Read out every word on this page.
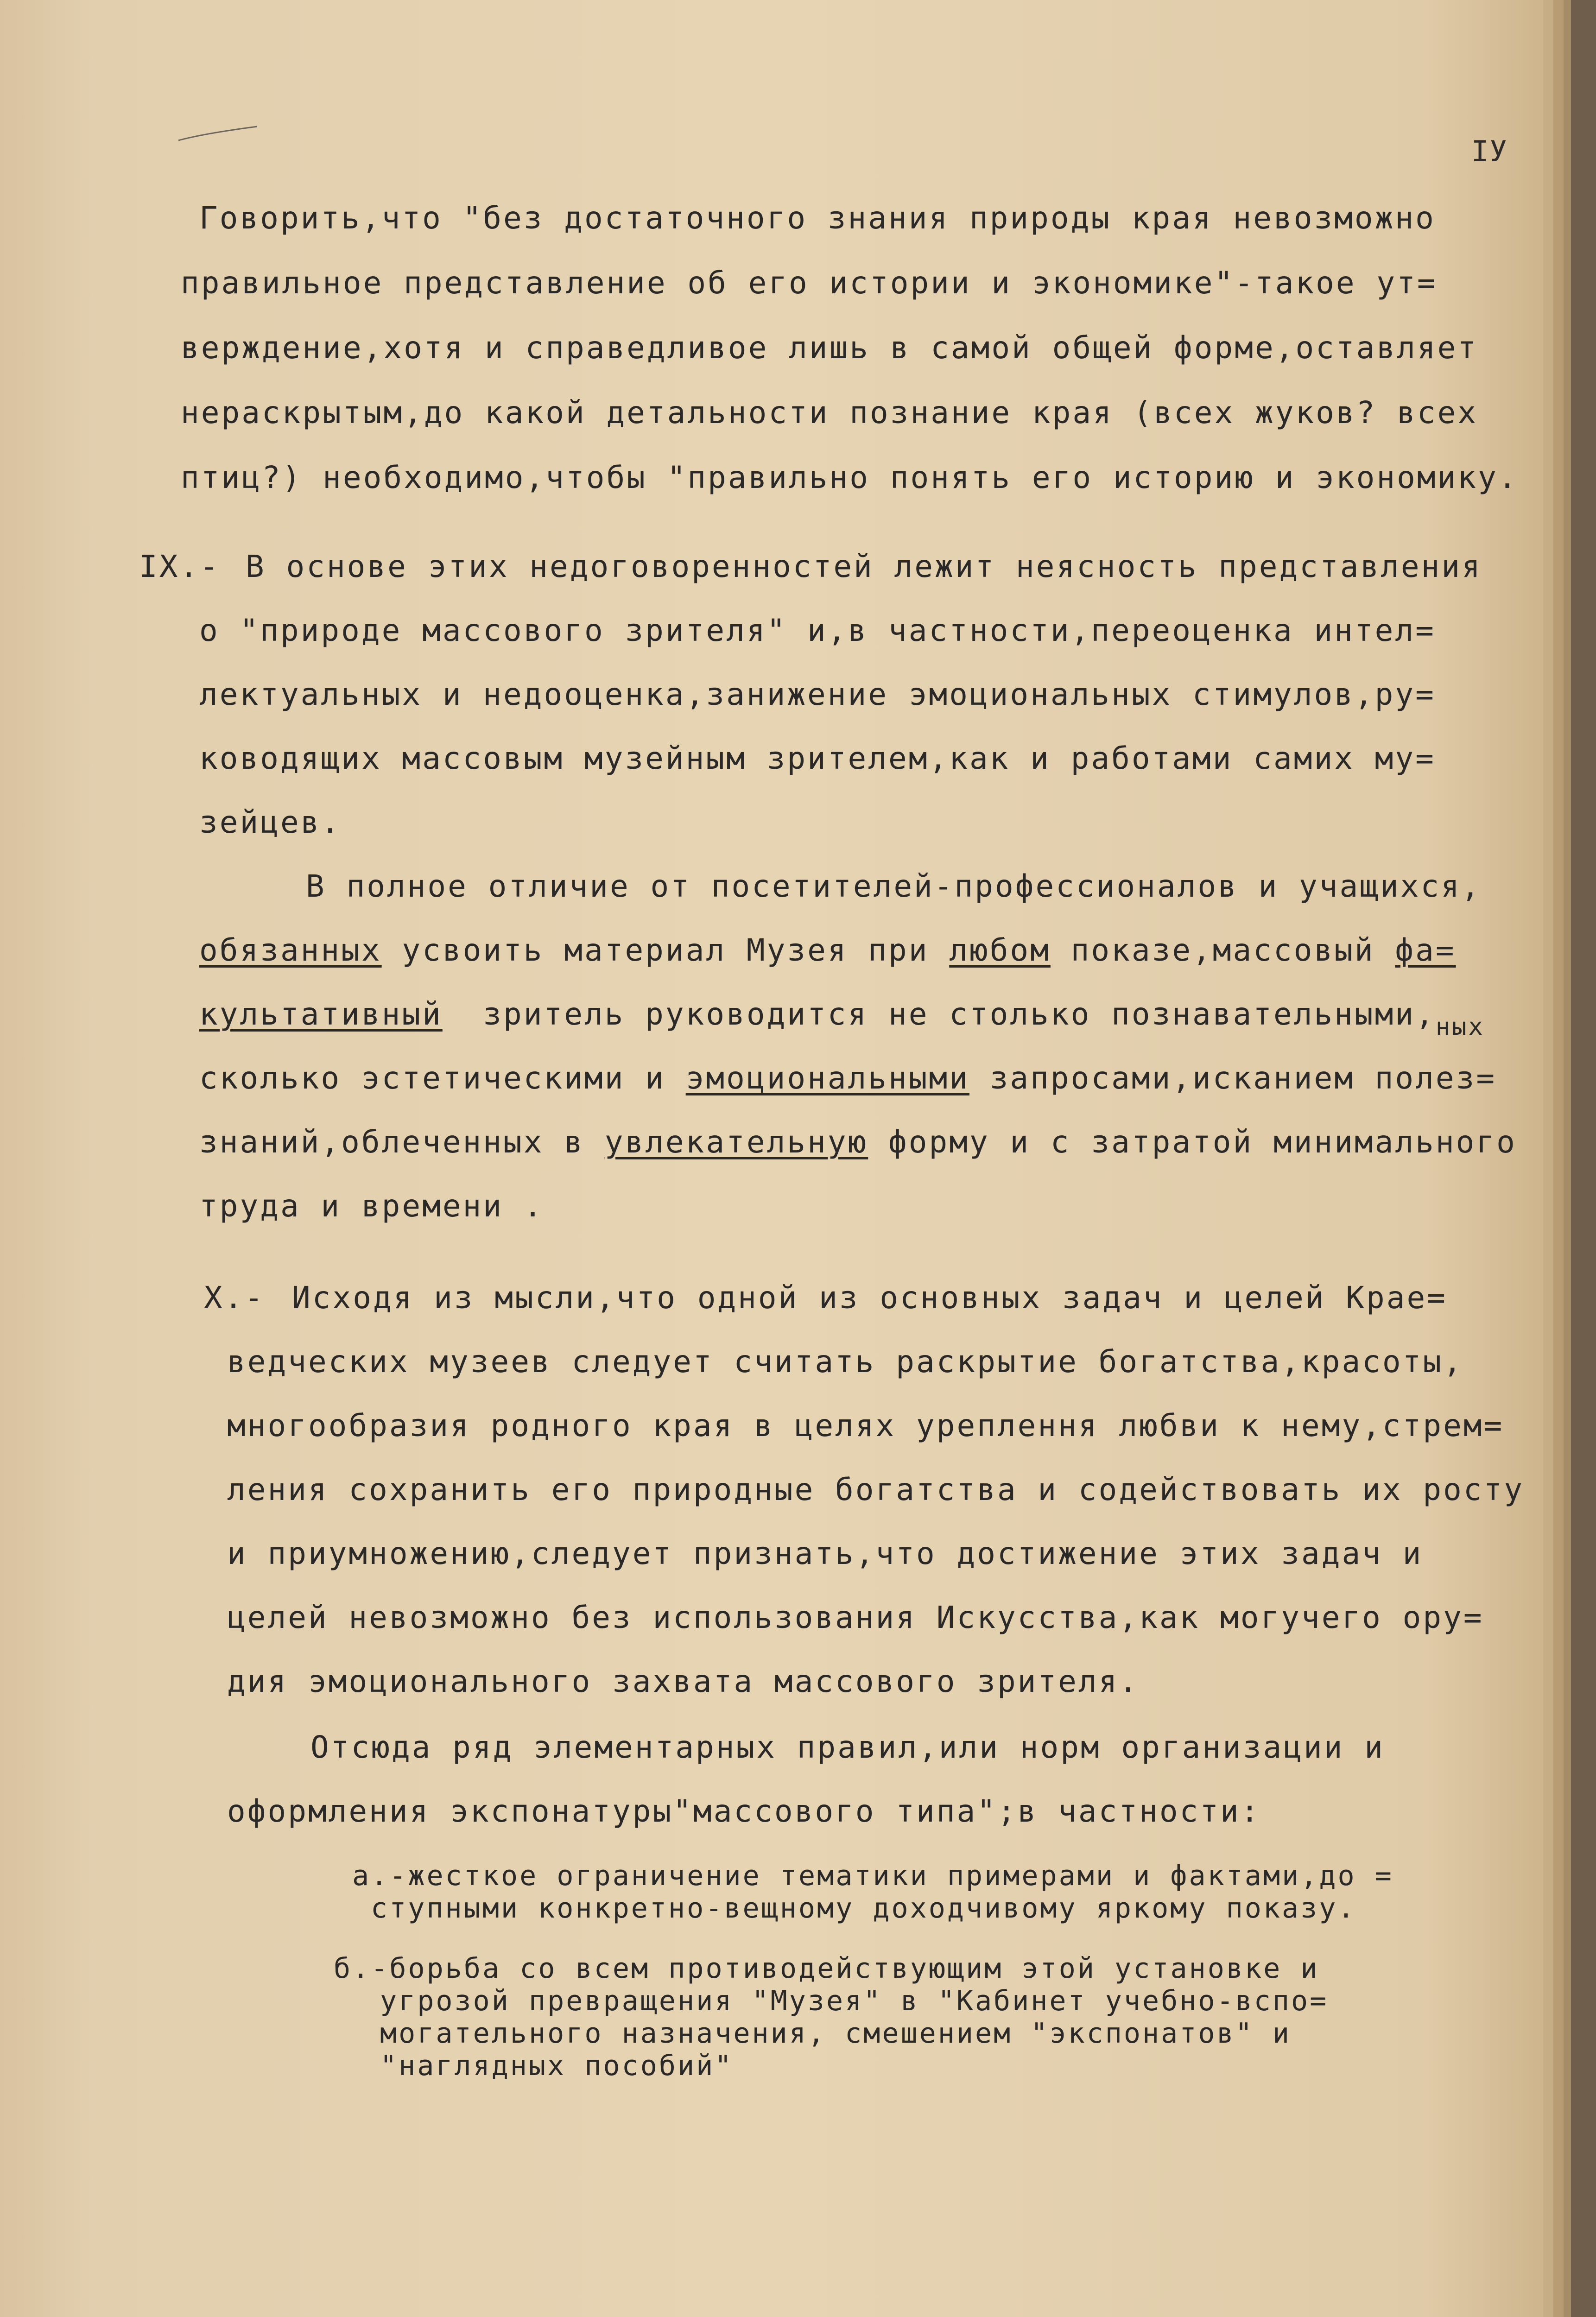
IУ

Говорить,что "без достаточного знания природы края невозможно

правильное представление об его истории и экономике"-такое ут=

верждение,хотя и справедливое лишь в самой общей форме,оставляет

нераскрытым,до какой детальности познание края (всех жуков? всех

птиц?) необходимо,чтобы "правильно понять его историю и экономику.

IX.-

В основе этих недоговоренностей лежит неясность представления

о "природе массового зрителя" и,в частности,переоценка интел=

лектуальных и недооценка,занижение эмоциональных стимулов,ру=

ководящих массовым музейным зрителем,как и работами самих му=

зейцев.

В полное отличие от посетителей-профессионалов и учащихся,

обязанных усвоить материал Музея при любом показе,массовый фа=

культативный  зритель руководится не столько $познавательными,_{ных}$

сколько эстетическими и эмоциональными запросами,исканием полез=

знаний,облеченных в увлекательную форму и с затратой минимального

труда и времени .

X.-

Исходя из мысли,что одной из основных задач и целей Крае=

ведческих музеев следует считать раскрытие богатства,красоты,

многообразия родного края в целях уреплення любви к нему,стрем=

ления сохранить его природные богатства и содействовать их росту

и приумножению,следует признать,что достижение этих задач и

целей невозможно без использования Искусства,как могучего ору=

дия эмоционального захвата массового зрителя.

Отсюда ряд элементарных правил,или норм организации и

оформления экспонатуры"массового типа";в частности:

а.-жесткое ограничение тематики примерами и фактами,до =

ступными конкретно-вещному доходчивому яркому показу.

б.-борьба со всем противодействующим этой установке и

угрозой превращения "Музея" в "Кабинет учебно-вспо=

могательного назначения, смешением "экспонатов" и

"наглядных пособий"
